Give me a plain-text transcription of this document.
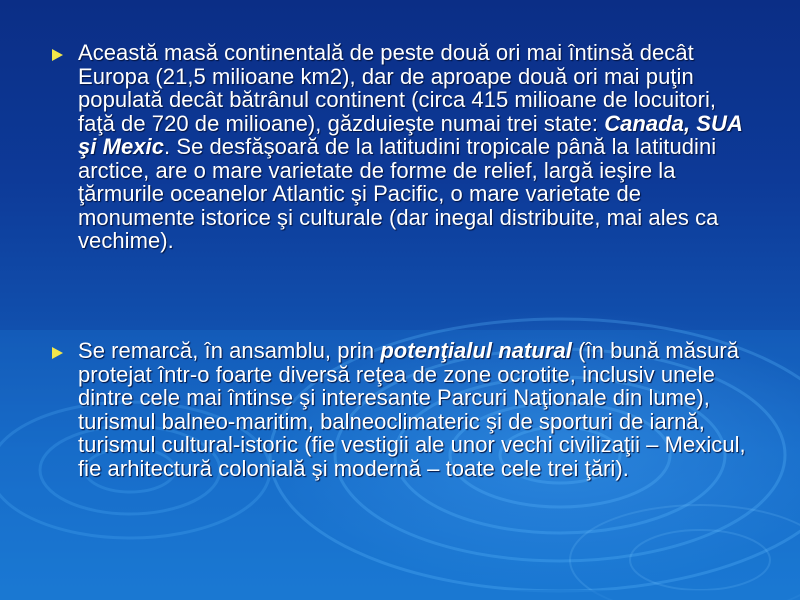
Această masă continentală de peste două ori mai întinsă decât Europa (21,5 milioane km2), dar de aproape două ori mai puţin populată decât bătrânul continent (circa 415 milioane de locuitori, faţă de 720 de milioane), găzduieşte numai trei state: Canada, SUA şi Mexic. Se desfăşoară de la latitudini tropicale până la latitudini arctice, are o mare varietate de forme de relief, largă ieşire la ţărmurile oceanelor Atlantic şi Pacific, o mare varietate de monumente istorice şi culturale (dar inegal distribuite, mai ales ca vechime).
Se remarcă, în ansamblu, prin potenţialul natural (în bună măsură protejat într-o foarte diversă reţea de zone ocrotite, inclusiv unele dintre cele mai întinse şi interesante Parcuri Naţionale din lume), turismul balneo-maritim, balneoclimateric şi de sporturi de iarnă, turismul cultural-istoric (fie vestigii ale unor vechi civilizaţii – Mexicul, fie arhitectură colonială şi modernă – toate cele trei ţări).
